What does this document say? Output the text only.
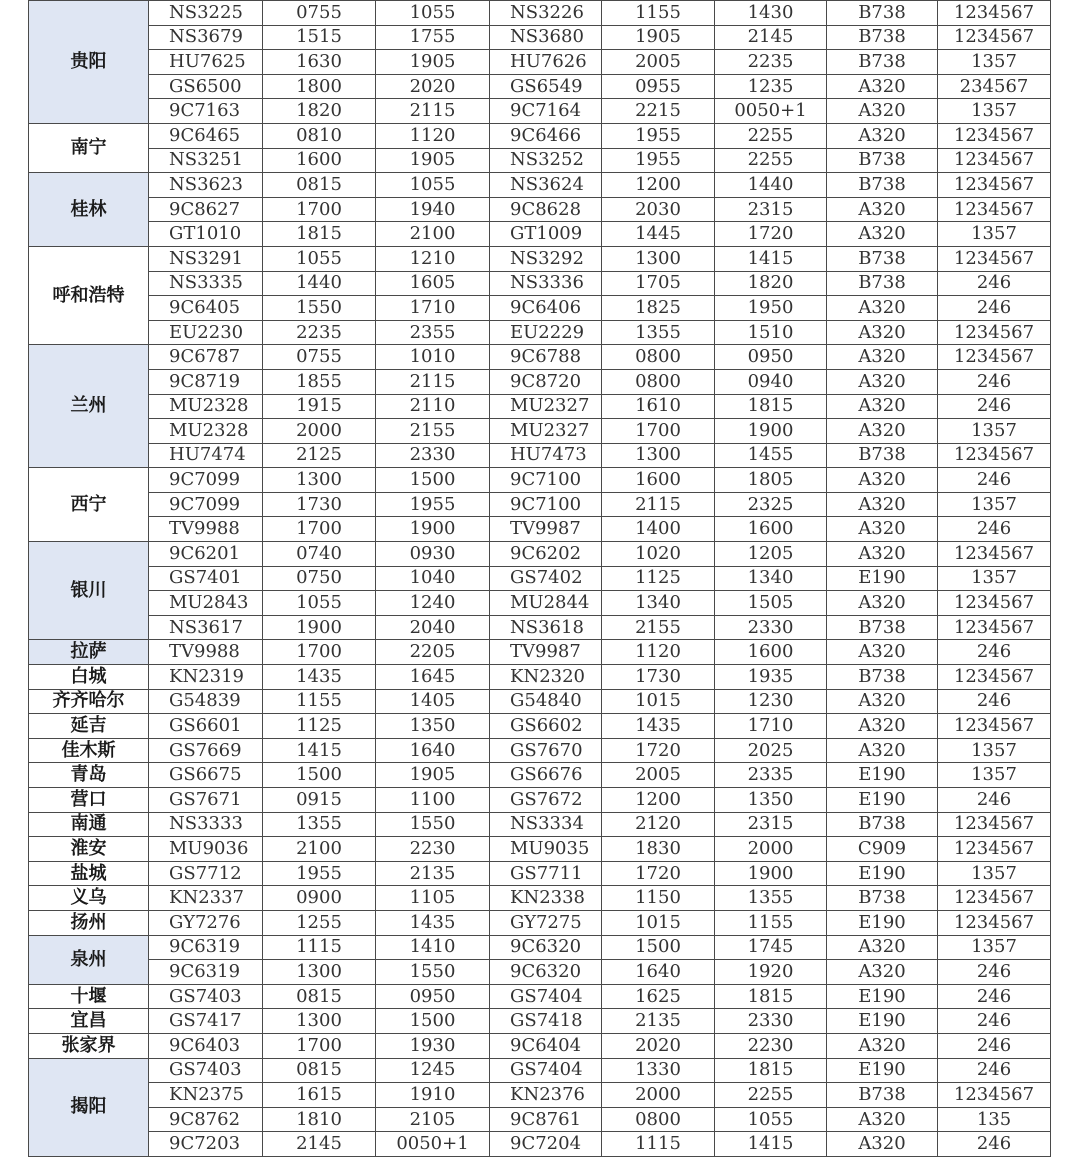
贵阳	NS3225	0755	1055	NS3226	1155	1430	B738	1234567
	NS3679	1515	1755	NS3680	1905	2145	B738	1234567
	HU7625	1630	1905	HU7626	2005	2235	B738	1357
	GS6500	1800	2020	GS6549	0955	1235	A320	234567
	9C7163	1820	2115	9C7164	2215	0050+1	A320	1357
南宁	9C6465	0810	1120	9C6466	1955	2255	A320	1234567
	NS3251	1600	1905	NS3252	1955	2255	B738	1234567
桂林	NS3623	0815	1055	NS3624	1200	1440	B738	1234567
	9C8627	1700	1940	9C8628	2030	2315	A320	1234567
	GT1010	1815	2100	GT1009	1445	1720	A320	1357
呼和浩特	NS3291	1055	1210	NS3292	1300	1415	B738	1234567
	NS3335	1440	1605	NS3336	1705	1820	B738	246
	9C6405	1550	1710	9C6406	1825	1950	A320	246
	EU2230	2235	2355	EU2229	1355	1510	A320	1234567
兰州	9C6787	0755	1010	9C6788	0800	0950	A320	1234567
	9C8719	1855	2115	9C8720	0800	0940	A320	246
	MU2328	1915	2110	MU2327	1610	1815	A320	246
	MU2328	2000	2155	MU2327	1700	1900	A320	1357
	HU7474	2125	2330	HU7473	1300	1455	B738	1234567
西宁	9C7099	1300	1500	9C7100	1600	1805	A320	246
	9C7099	1730	1955	9C7100	2115	2325	A320	1357
	TV9988	1700	1900	TV9987	1400	1600	A320	246
银川	9C6201	0740	0930	9C6202	1020	1205	A320	1234567
	GS7401	0750	1040	GS7402	1125	1340	E190	1357
	MU2843	1055	1240	MU2844	1340	1505	A320	1234567
	NS3617	1900	2040	NS3618	2155	2330	B738	1234567
拉萨	TV9988	1700	2205	TV9987	1120	1600	A320	246
白城	KN2319	1435	1645	KN2320	1730	1935	B738	1234567
齐齐哈尔	G54839	1155	1405	G54840	1015	1230	A320	246
延吉	GS6601	1125	1350	GS6602	1435	1710	A320	1234567
佳木斯	GS7669	1415	1640	GS7670	1720	2025	A320	1357
青岛	GS6675	1500	1905	GS6676	2005	2335	E190	1357
营口	GS7671	0915	1100	GS7672	1200	1350	E190	246
南通	NS3333	1355	1550	NS3334	2120	2315	B738	1234567
淮安	MU9036	2100	2230	MU9035	1830	2000	C909	1234567
盐城	GS7712	1955	2135	GS7711	1720	1900	E190	1357
义乌	KN2337	0900	1105	KN2338	1150	1355	B738	1234567
扬州	GY7276	1255	1435	GY7275	1015	1155	E190	1234567
泉州	9C6319	1115	1410	9C6320	1500	1745	A320	1357
	9C6319	1300	1550	9C6320	1640	1920	A320	246
十堰	GS7403	0815	0950	GS7404	1625	1815	E190	246
宜昌	GS7417	1300	1500	GS7418	2135	2330	E190	246
张家界	9C6403	1700	1930	9C6404	2020	2230	A320	246
揭阳	GS7403	0815	1245	GS7404	1330	1815	E190	246
	KN2375	1615	1910	KN2376	2000	2255	B738	1234567
	9C8762	1810	2105	9C8761	0800	1055	A320	135
	9C7203	2145	0050+1	9C7204	1115	1415	A320	246
